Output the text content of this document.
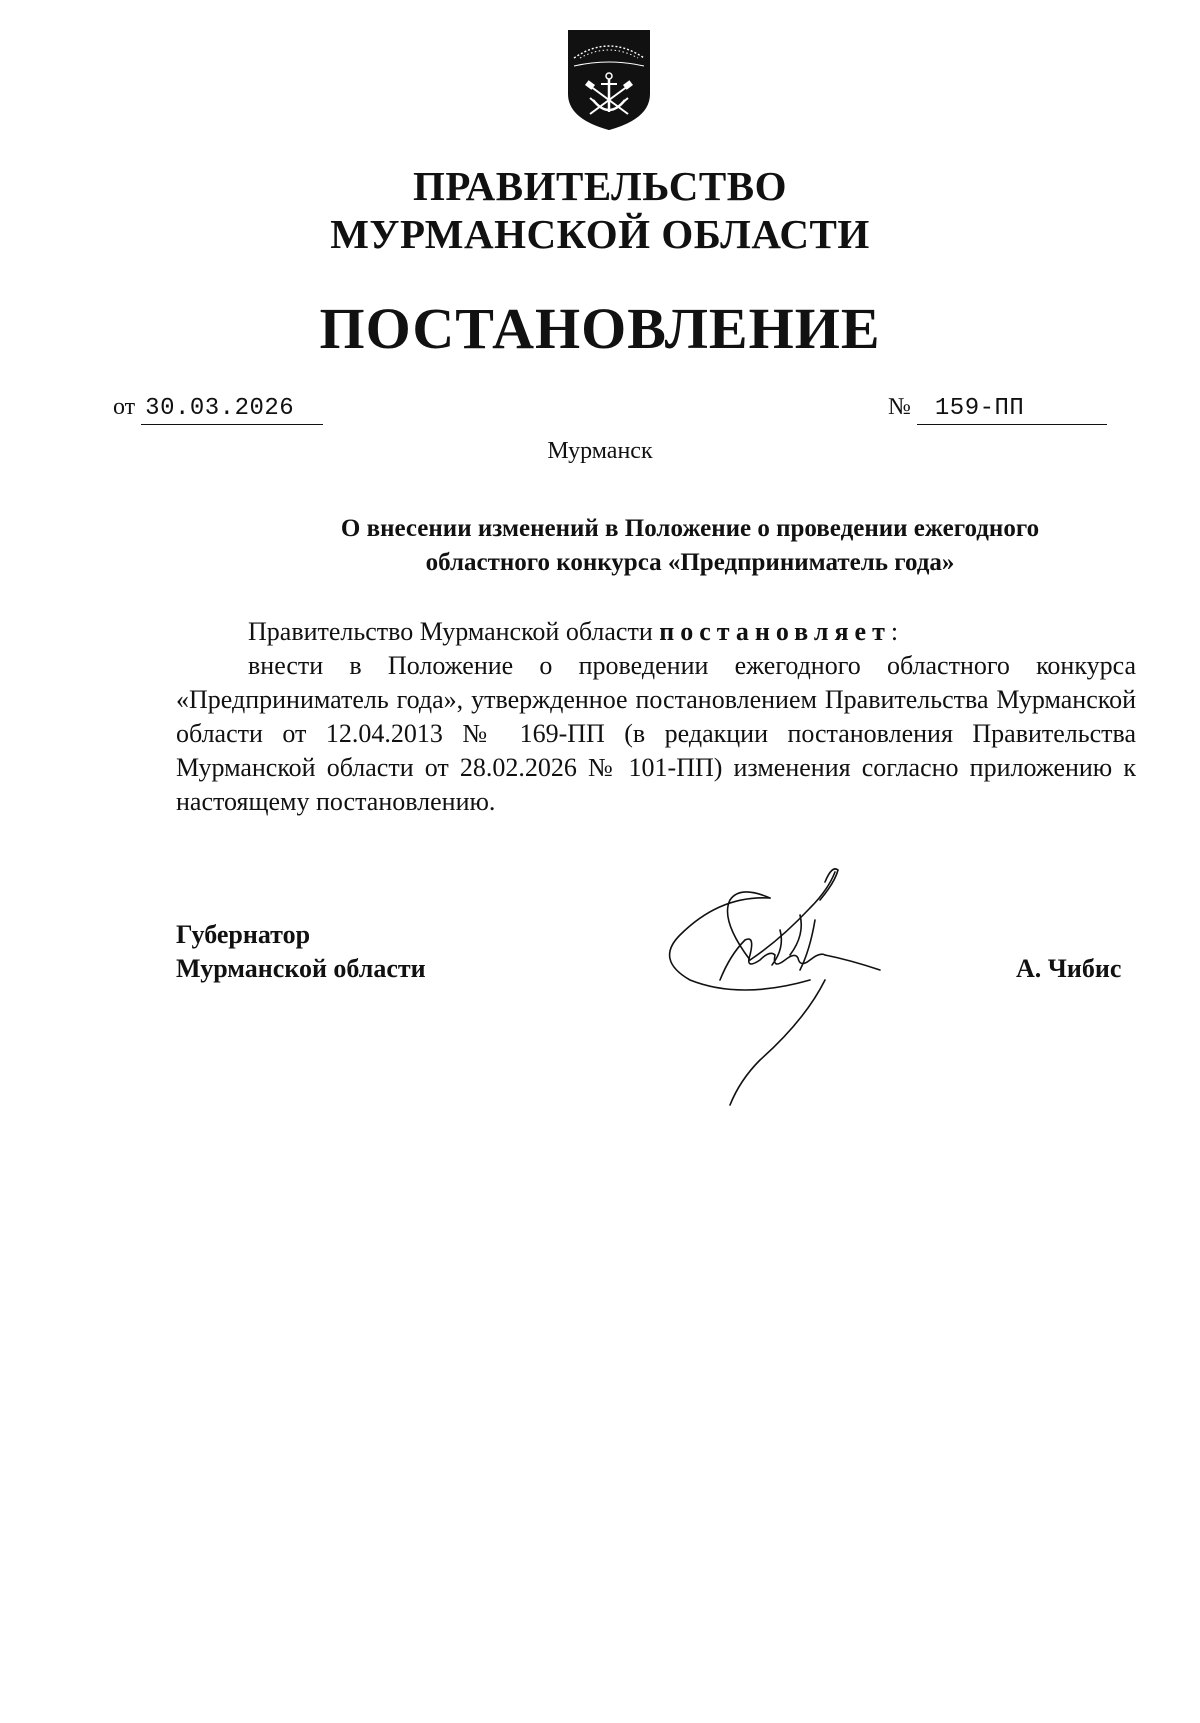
ПРАВИТЕЛЬСТВО
МУРМАНСКОЙ ОБЛАСТИ
ПОСТАНОВЛЕНИЕ
от 30.03.2026	№ 159-ПП
Мурманск
О внесении изменений в Положение о проведении ежегодного
областного конкурса «Предприниматель года»

Правительство Мурманской области постановляет:

внести в Положение о проведении ежегодного областного конкурса «Предприниматель года», утвержденное постановлением Правительства Мурманской области от 12.04.2013 № 169-ПП (в редакции постановления Правительства Мурманской области от 28.02.2026 № 101-ПП) изменения согласно приложению к настоящему постановлению.

Губернатор
Мурманской области	А. Чибис
